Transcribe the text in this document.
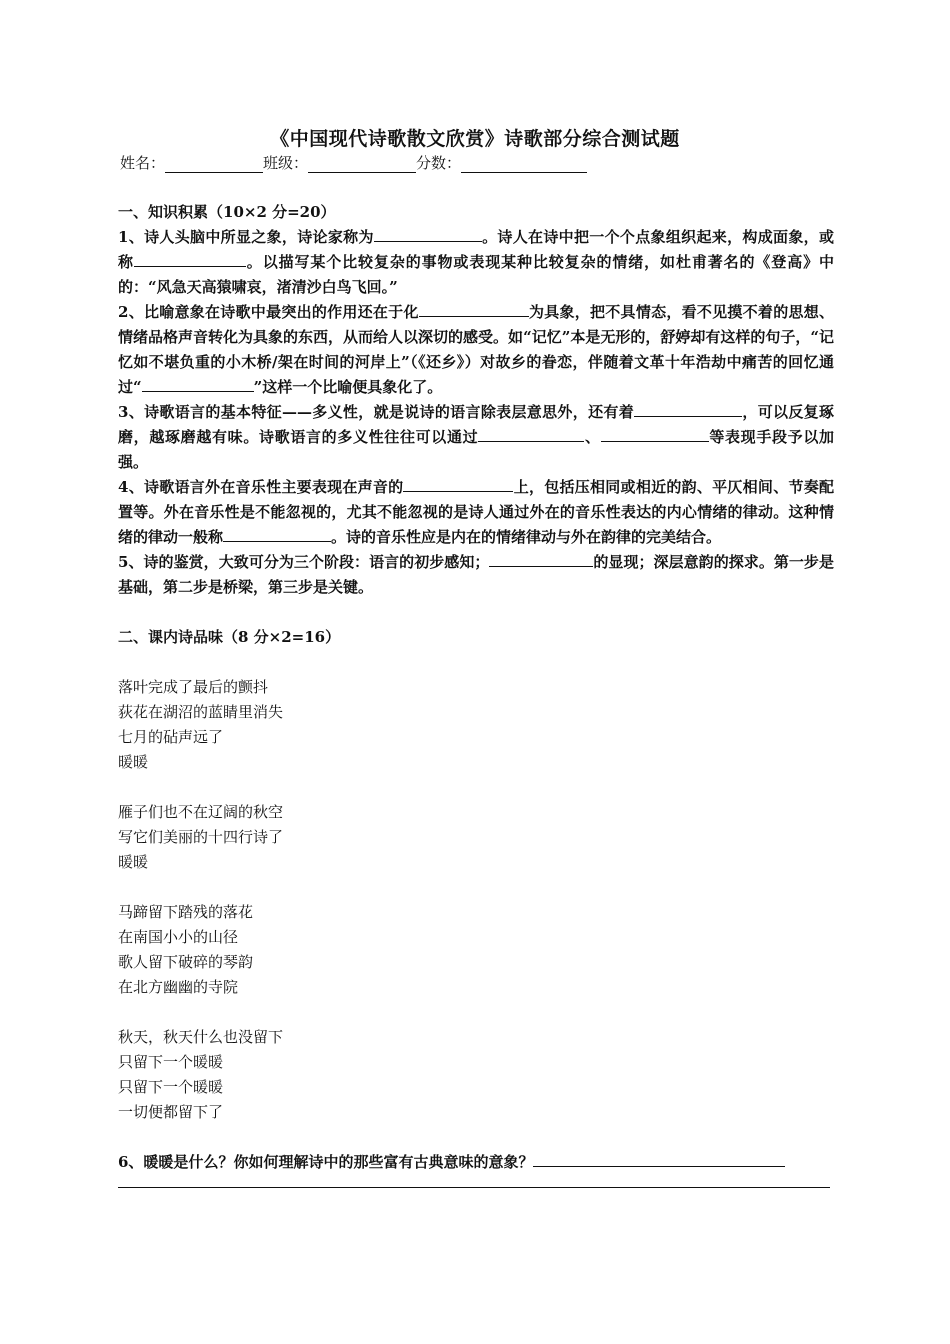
《中国现代诗歌散文欣赏》诗歌部分综合测试题
姓名：	班级：	分数：

一、知识积累（10×2 分=20）

1、诗人头脑中所显之象，诗论家称为	。诗人在诗中把一个个点象组织起来，构成面象，或称	。以描写某个比较复杂的事物或表现某种比较复杂的情绪，如杜甫著名的《登高》中的：“风急天高猿啸哀，渚清沙白鸟飞回。”

2、比喻意象在诗歌中最突出的作用还在于化	为具象，把不具情态，看不见摸不着的思想、情绪品格声音转化为具象的东西，从而给人以深切的感受。如“记忆”本是无形的，舒婷却有这样的句子，“记忆如不堪负重的小木桥/架在时间的河岸上”（《还乡》）对故乡的眷恋，伴随着文革十年浩劫中痛苦的回忆通过“	”这样一个比喻便具象化了。

3、诗歌语言的基本特征——多义性，就是说诗的语言除表层意思外，还有着	，可以反复琢磨，越琢磨越有味。诗歌语言的多义性往往可以通过	、	等表现手段予以加强。

4、诗歌语言外在音乐性主要表现在声音的	上，包括压相同或相近的韵、平仄相间、节奏配置等。外在音乐性是不能忽视的，尤其不能忽视的是诗人通过外在的音乐性表达的内心情绪的律动。这种情绪的律动一般称	。诗的音乐性应是内在的情绪律动与外在韵律的完美结合。

5、诗的鉴赏，大致可分为三个阶段：语言的初步感知；	的显现；深层意韵的探求。第一步是基础，第二步是桥梁，第三步是关键。

二、课内诗品味（8 分×2=16）

落叶完成了最后的颤抖

荻花在湖沼的蓝睛里消失

七月的砧声远了

暖暖

雁子们也不在辽阔的秋空

写它们美丽的十四行诗了

暖暖

马蹄留下踏残的落花

在南国小小的山径

歌人留下破碎的琴韵

在北方幽幽的寺院

秋天，秋天什么也没留下

只留下一个暖暖

只留下一个暖暖

一切便都留下了

6、暖暖是什么？你如何理解诗中的那些富有古典意味的意象？
